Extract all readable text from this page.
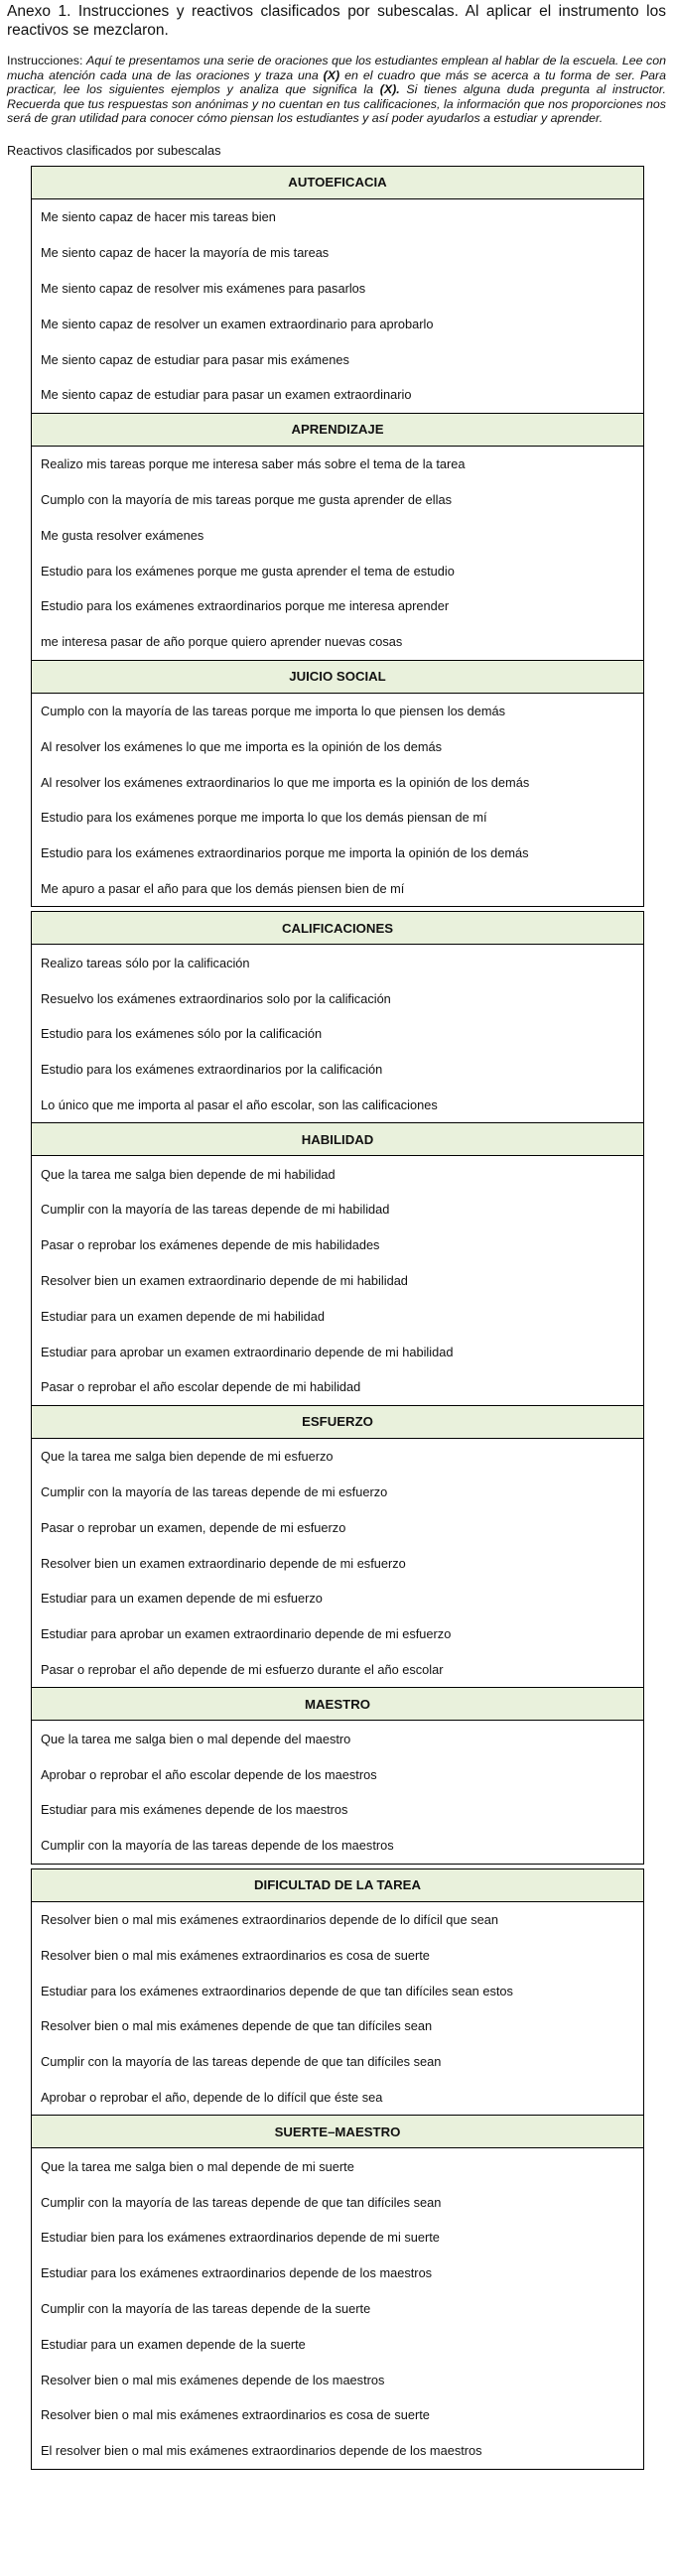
Anexo 1. Instrucciones y reactivos clasificados por subescalas. Al aplicar el instrumento los reactivos se mezclaron.

Instrucciones: Aquí te presentamos una serie de oraciones que los estudiantes emplean al hablar de la escuela. Lee con mucha atención cada una de las oraciones y traza una (X) en el cuadro que más se acerca a tu forma de ser. Para practicar, lee los siguientes ejemplos y analiza que significa la (X). Si tienes alguna duda pregunta al instructor. Recuerda que tus respuestas son anónimas y no cuentan en tus calificaciones, la información que nos proporciones nos será de gran utilidad para conocer cómo piensan los estudiantes y así poder ayudarlos a estudiar y aprender.

Reactivos clasificados por subescalas

AUTOEFICACIA
Me siento capaz de hacer mis tareas bien
Me siento capaz de hacer la mayoría de mis tareas
Me siento capaz de resolver mis exámenes para pasarlos
Me siento capaz de resolver un examen extraordinario para aprobarlo
Me siento capaz de estudiar para pasar mis exámenes
Me siento capaz de estudiar para pasar un examen extraordinario
APRENDIZAJE
Realizo mis tareas porque me interesa saber más sobre el tema de la tarea
Cumplo con la mayoría de mis tareas porque me gusta aprender de ellas
Me gusta resolver exámenes
Estudio para los exámenes porque me gusta aprender el tema de estudio
Estudio para los exámenes extraordinarios porque me interesa aprender
me interesa pasar de año porque quiero aprender nuevas cosas
JUICIO SOCIAL
Cumplo con la mayoría de las tareas porque me importa lo que piensen los demás
Al resolver los exámenes lo que me importa es la opinión de los demás
Al resolver los exámenes extraordinarios lo que me importa es la opinión de los demás
Estudio para los exámenes porque me importa lo que los demás piensan de mí
Estudio para los exámenes extraordinarios porque me importa la opinión de los demás
Me apuro a pasar el año para que los demás piensen bien de mí
CALIFICACIONES
Realizo tareas sólo por la calificación
Resuelvo los exámenes extraordinarios solo por la calificación
Estudio para los exámenes sólo por la calificación
Estudio para los exámenes extraordinarios por la calificación
Lo único que me importa al pasar el año escolar, son las calificaciones
HABILIDAD
Que la tarea me salga bien depende de mi habilidad
Cumplir con la mayoría de las tareas depende de mi habilidad
Pasar o reprobar los exámenes depende de mis habilidades
Resolver bien un examen extraordinario depende de mi habilidad
Estudiar para un examen depende de mi habilidad
Estudiar para aprobar un examen extraordinario depende de mi habilidad
Pasar o reprobar el año escolar depende de mi habilidad
ESFUERZO
Que la tarea me salga bien depende de mi esfuerzo
Cumplir con la mayoría de las tareas depende de mi esfuerzo
Pasar o reprobar un examen, depende de mi esfuerzo
Resolver bien un examen extraordinario depende de mi esfuerzo
Estudiar para un examen depende de mi esfuerzo
Estudiar para aprobar un examen extraordinario depende de mi esfuerzo
Pasar o reprobar el año depende de mi esfuerzo durante el año escolar
MAESTRO
Que la tarea me salga bien o mal depende del maestro
Aprobar o reprobar el año escolar depende de los maestros
Estudiar para mis exámenes depende de los maestros
Cumplir con la mayoría de las tareas depende de los maestros
DIFICULTAD DE LA TAREA
Resolver bien o mal mis exámenes extraordinarios depende de lo difícil que sean
Resolver bien o mal mis exámenes extraordinarios es cosa de suerte
Estudiar para los exámenes extraordinarios depende de que tan difíciles sean estos
Resolver bien o mal mis exámenes depende de que tan difíciles sean
Cumplir con la mayoría de las tareas depende de que tan difíciles sean
Aprobar o reprobar el año, depende de lo difícil que éste sea
SUERTE–MAESTRO
Que la tarea me salga bien o mal depende de mi suerte
Cumplir con la mayoría de las tareas depende de que tan difíciles sean
Estudiar bien para los exámenes extraordinarios depende de mi suerte
Estudiar para los exámenes extraordinarios depende de los maestros
Cumplir con la mayoría de las tareas depende de la suerte
Estudiar para un examen depende de la suerte
Resolver bien o mal mis exámenes depende de los maestros
Resolver bien o mal mis exámenes extraordinarios es cosa de suerte
El resolver bien o mal mis exámenes extraordinarios depende de los maestros
